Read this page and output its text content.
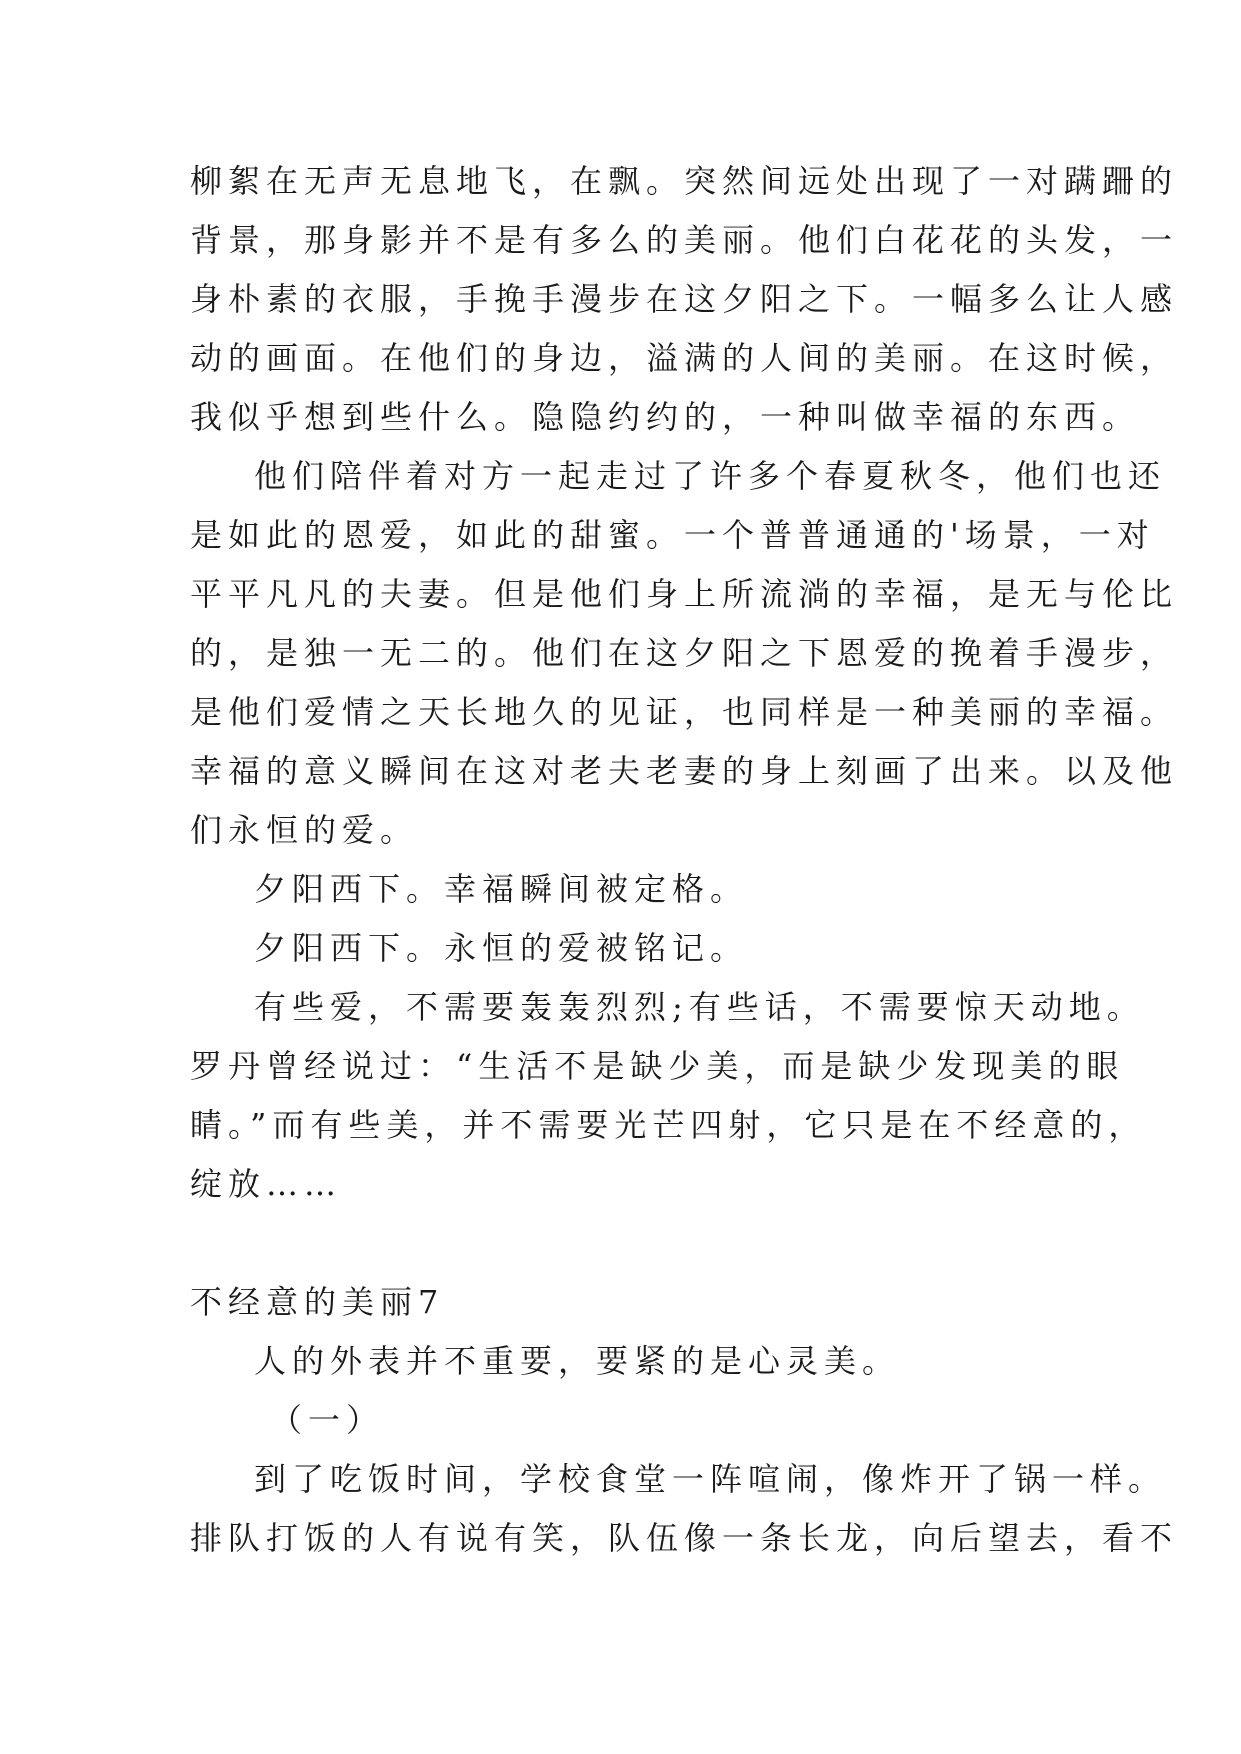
柳絮在无声无息地飞，在飘。突然间远处出现了一对蹒跚的
背景，那身影并不是有多么的美丽。他们白花花的头发，一
身朴素的衣服，手挽手漫步在这夕阳之下。一幅多么让人感
动的画面。在他们的身边，溢满的人间的美丽。在这时候，
我似乎想到些什么。隐隐约约的，一种叫做幸福的东西。
他们陪伴着对方一起走过了许多个春夏秋冬，他们也还
是如此的恩爱，如此的甜蜜。一个普普通通的'场景，一对
平平凡凡的夫妻。但是他们身上所流淌的幸福，是无与伦比
的，是独一无二的。他们在这夕阳之下恩爱的挽着手漫步，
是他们爱情之天长地久的见证，也同样是一种美丽的幸福。
幸福的意义瞬间在这对老夫老妻的身上刻画了出来。以及他
们永恒的爱。
夕阳西下。幸福瞬间被定格。
夕阳西下。永恒的爱被铭记。
有些爱，不需要轰轰烈烈;有些话，不需要惊天动地。
罗丹曾经说过：“生活不是缺少美，而是缺少发现美的眼
睛。”而有些美，并不需要光芒四射，它只是在不经意的，
绽放……
不经意的美丽7
人的外表并不重要，要紧的是心灵美。
（一）
到了吃饭时间，学校食堂一阵喧闹，像炸开了锅一样。
排队打饭的人有说有笑，队伍像一条长龙，向后望去，看不
